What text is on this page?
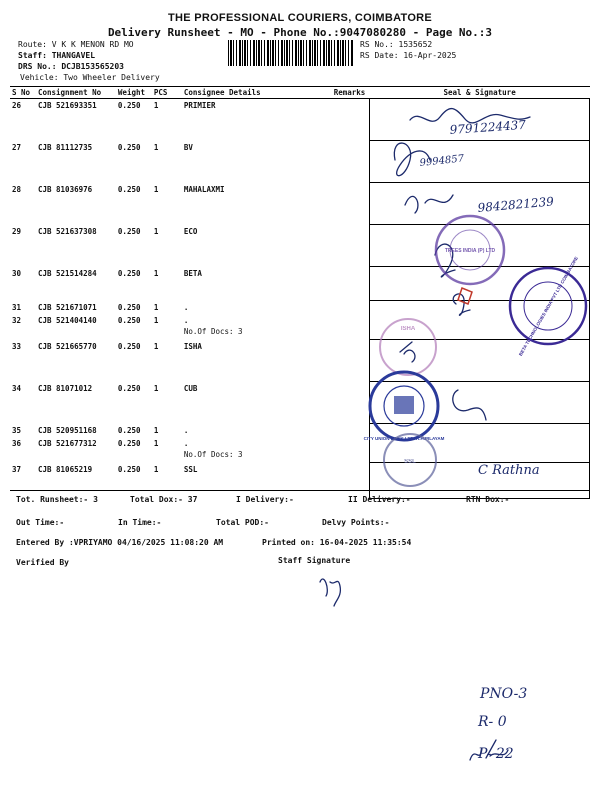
THE PROFESSIONAL COURIERS, COIMBATORE
Delivery Runsheet - MO - Phone No.:9047080280 - Page No.:3
Route: V K K MENON RD MO
Staff: THANGAVEL
DRS No.: DCJB153565203
Vehicle: Two Wheeler Delivery
RS No.: 1535652
RS Date: 16-Apr-2025
S No	Consignment No	Weight	PCS	Consignee Details	Remarks	Seal & Signature
26	CJB 521693351	0.250	1	PRIMIER		

27	CJB 81112735	0.250	1	BV		

28	CJB 81036976	0.250	1	MAHALAXMI		

29	CJB 521637308	0.250	1	ECO		

30	CJB 521514284	0.250	1	BETA		

31	CJB 521671071	0.250	1	.		

32	CJB 521404140	0.250	1	.
No.Of Docs: 3		

33	CJB 521665770	0.250	1	ISHA		

34	CJB 81071012	0.250	1	CUB		

35	CJB 520951168	0.250	1	.		

36	CJB 521677312	0.250	1	.
No.Of Docs: 3		

37	CJB 81065219	0.250	1	SSL		

Tot. Runsheet:- 3	Total Dox:- 37	I Delivery:-	II Delivery:-	RTN Dox:-
Out Time:-	In Time:-	Total POD:-	Delvy Points:-
Entered By :VPRIYAMO 04/16/2025 11:08:20 AM	Printed on: 16-04-2025 11:35:54
Verified By	Staff Signature
9791224437
9994857
9842821239
C Rathna
PNO-3
R- 0
P- 22
TREES INDIA (P) LTD
BETA TECHNOLOGIES INDIA PVT LTD COIMBATORE
ISHA
CITY UNION BANK LTD. R.H.PILAYAM
SSL
